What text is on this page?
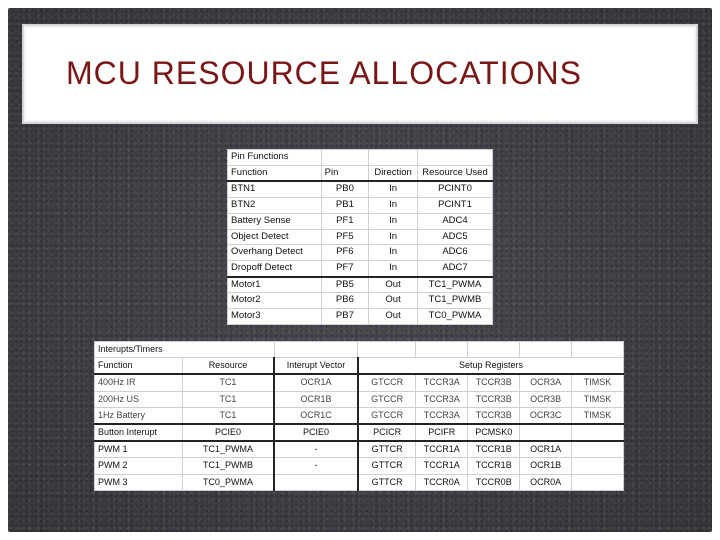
MCU RESOURCE ALLOCATIONS
Pin Functions			
Function	Pin	Direction	Resource Used
BTN1	PB0	In	PCINT0
BTN2	PB1	In	PCINT1
Battery Sense	PF1	In	ADC4
Object Detect	PF5	In	ADC5
Overhang Detect	PF6	In	ADC6
Dropoff Detect	PF7	In	ADC7
Motor1	PB5	Out	TC1_PWMA
Motor2	PB6	Out	TC1_PWMB
Motor3	PB7	Out	TC0_PWMA
Interupts/Timers							
Function	Resource	Interupt Vector	Setup Registers				
400Hz IR	TC1	OCR1A	GTCCR	TCCR3A	TCCR3B	OCR3A	TIMSK
200Hz US	TC1	OCR1B	GTCCR	TCCR3A	TCCR3B	OCR3B	TIMSK
1Hz Battery	TC1	OCR1C	GTCCR	TCCR3A	TCCR3B	OCR3C	TIMSK
Button Interupt	PCIE0	PCIE0	PCICR	PCIFR	PCMSK0		
PWM 1	TC1_PWMA	-	GTTCR	TCCR1A	TCCR1B	OCR1A	
PWM 2	TC1_PWMB	-	GTTCR	TCCR1A	TCCR1B	OCR1B	
PWM 3	TC0_PWMA		GTTCR	TCCR0A	TCCR0B	OCR0A	
